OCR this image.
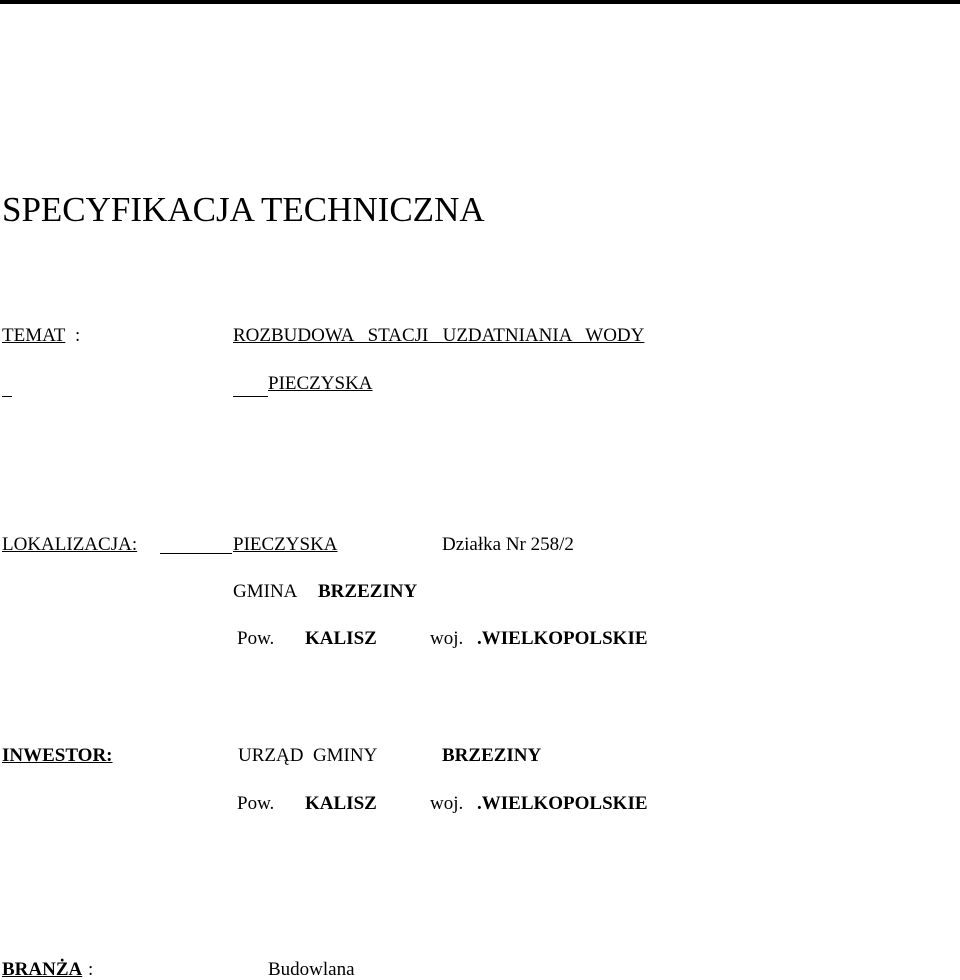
SPECYFIKACJA TECHNICZNA
TEMAT :	ROZBUDOWA   STACJI   UZDATNIANIA   WODY
PIECZYSKA
LOKALIZACJA:	PIECZYSKA	Działka Nr 258/2
GMINA BRZEZINY
Pow. KALISZ	woj. .WIELKOPOLSKIE
INWESTOR:	URZĄD  GMINY	BRZEZINY
Pow. KALISZ	woj. .WIELKOPOLSKIE
BRANŻA :	Budowlana
